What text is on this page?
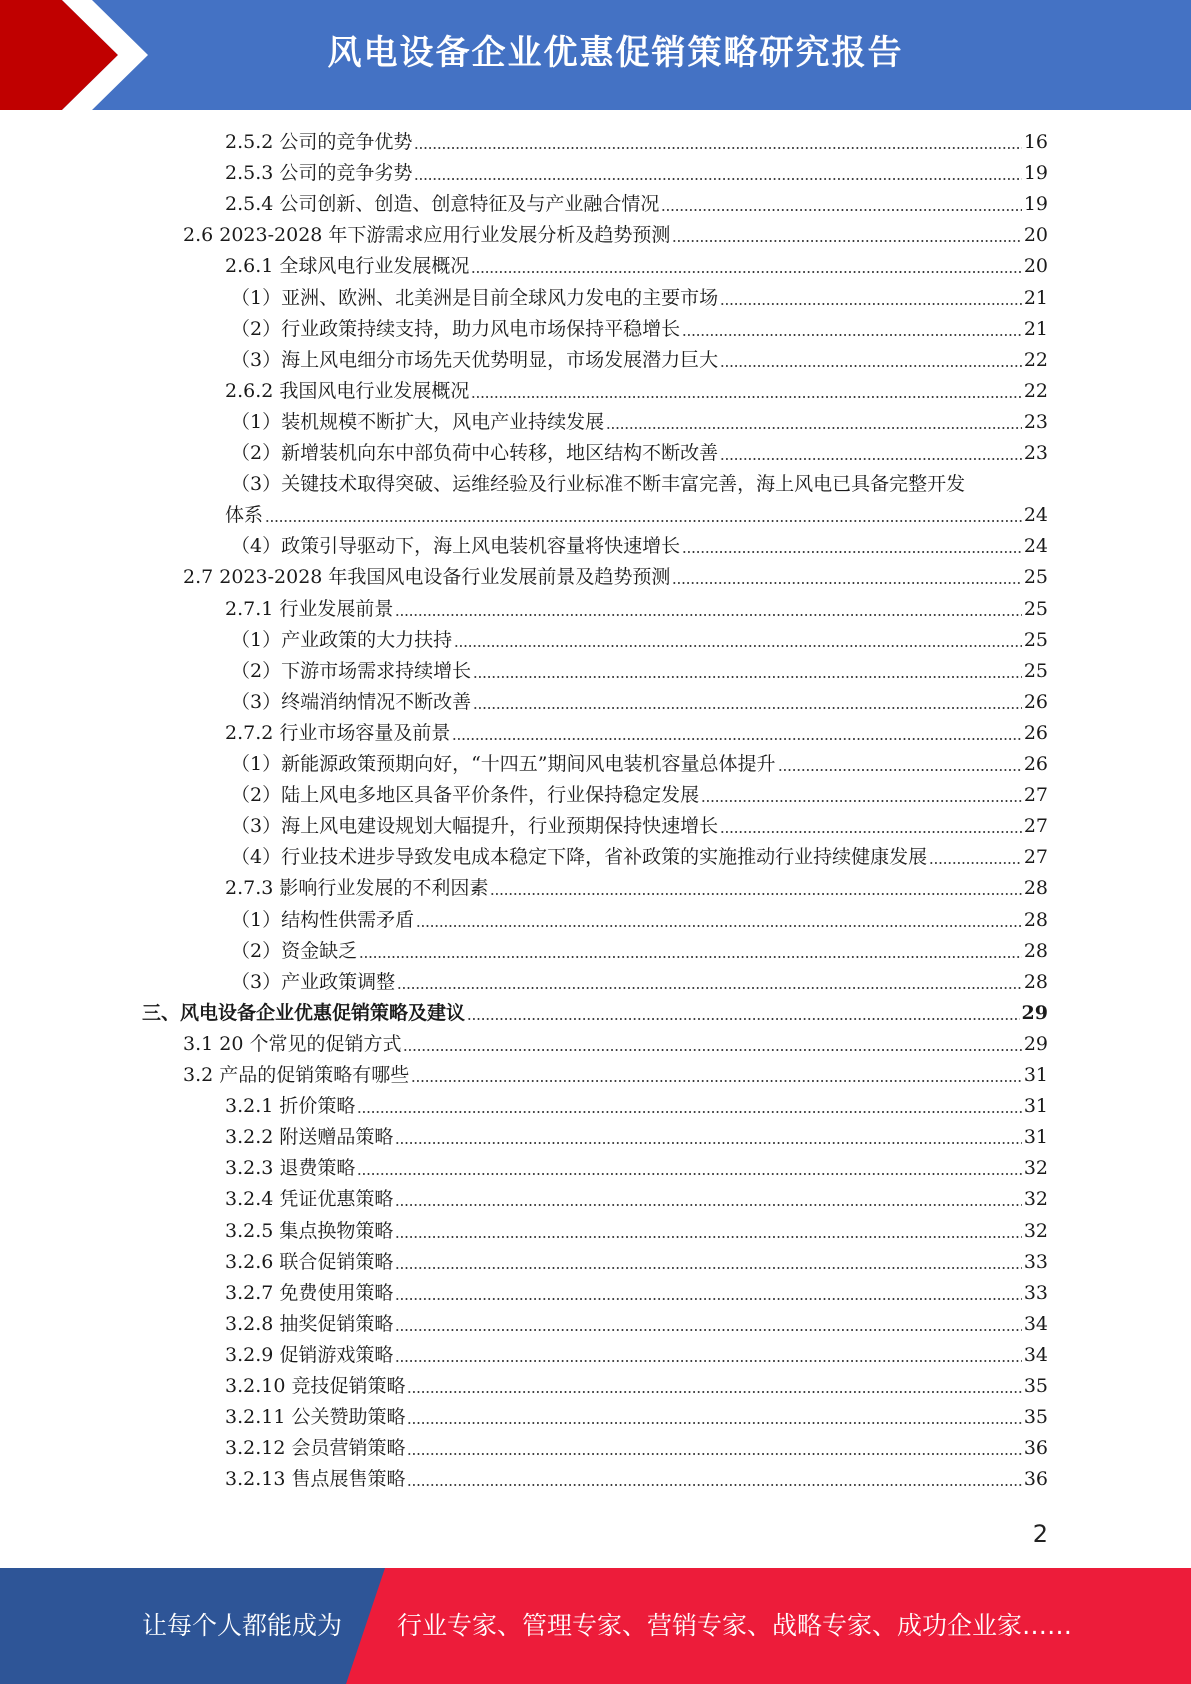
风电设备企业优惠促销策略研究报告
2.5.2 公司的竞争优势	16
2.5.3 公司的竞争劣势	19
2.5.4 公司创新、创造、创意特征及与产业融合情况	19
2.6 2023-2028 年下游需求应用行业发展分析及趋势预测	20
2.6.1 全球风电行业发展概况	20
（1）亚洲、欧洲、北美洲是目前全球风力发电的主要市场	21
（2）行业政策持续支持，助力风电市场保持平稳增长	21
（3）海上风电细分市场先天优势明显，市场发展潜力巨大	22
2.6.2 我国风电行业发展概况	22
（1）装机规模不断扩大，风电产业持续发展	23
（2）新增装机向东中部负荷中心转移，地区结构不断改善	23
（3）关键技术取得突破、运维经验及行业标准不断丰富完善，海上风电已具备完整开发
体系	24
（4）政策引导驱动下，海上风电装机容量将快速增长	24
2.7 2023-2028 年我国风电设备行业发展前景及趋势预测	25
2.7.1 行业发展前景	25
（1）产业政策的大力扶持	25
（2）下游市场需求持续增长	25
（3）终端消纳情况不断改善	26
2.7.2 行业市场容量及前景	26
（1）新能源政策预期向好，“十四五”期间风电装机容量总体提升	26
（2）陆上风电多地区具备平价条件，行业保持稳定发展	27
（3）海上风电建设规划大幅提升，行业预期保持快速增长	27
（4）行业技术进步导致发电成本稳定下降，省补政策的实施推动行业持续健康发展	27
2.7.3 影响行业发展的不利因素	28
（1）结构性供需矛盾	28
（2）资金缺乏	28
（3）产业政策调整	28
三、风电设备企业优惠促销策略及建议	29
3.1 20 个常见的促销方式	29
3.2 产品的促销策略有哪些	31
3.2.1 折价策略	31
3.2.2 附送赠品策略	31
3.2.3 退费策略	32
3.2.4 凭证优惠策略	32
3.2.5 集点换物策略	32
3.2.6 联合促销策略	33
3.2.7 免费使用策略	33
3.2.8 抽奖促销策略	34
3.2.9 促销游戏策略	34
3.2.10 竞技促销策略	35
3.2.11 公关赞助策略	35
3.2.12 会员营销策略	36
3.2.13 售点展售策略	36
2
让每个人都能成为 行业专家、管理专家、营销专家、战略专家、成功企业家……
